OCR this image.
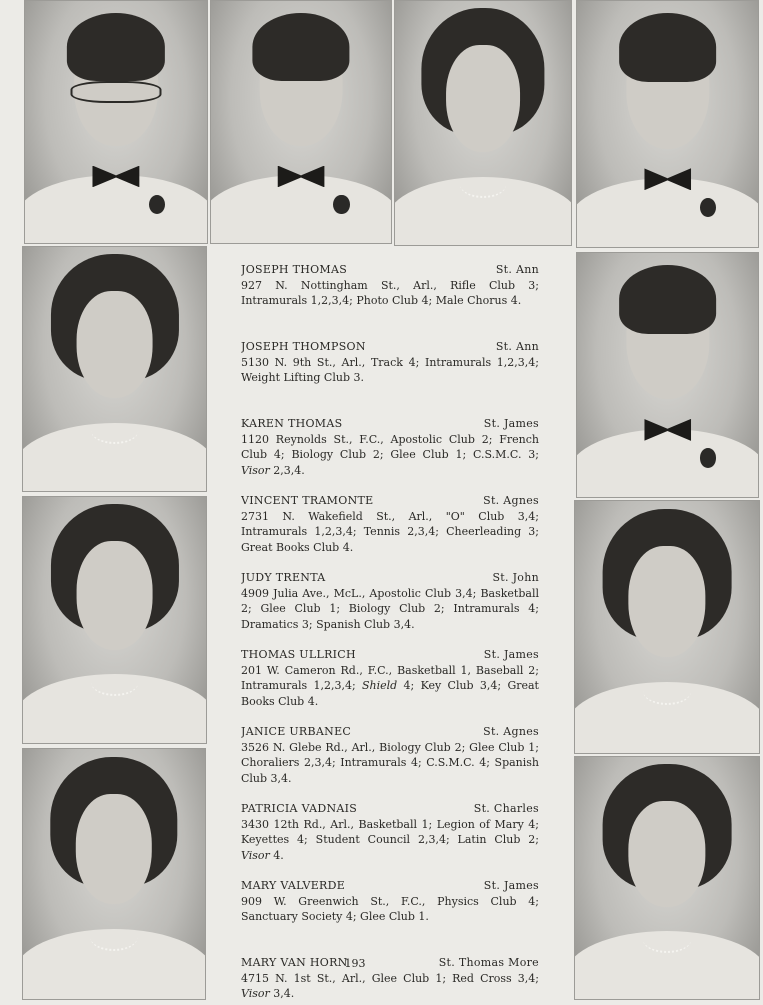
JOSEPH THOMAS	St. Ann
927 N. Nottingham St., Arl., Rifle Club 3; Intramurals 1,2,3,4; Photo Club 4; Male Chorus 4.
JOSEPH THOMPSON	St. Ann
5130 N. 9th St., Arl., Track 4; Intramurals 1,2,3,4; Weight Lifting Club 3.
KAREN THOMAS	St. James
1120 Reynolds St., F.C., Apostolic Club 2; French Club 4; Biology Club 2; Glee Club 1; C.S.M.C. 3; Visor 2,3,4.
VINCENT TRAMONTE	St. Agnes
2731 N. Wakefield St., Arl., "O" Club 3,4; Intramurals 1,2,3,4; Tennis 2,3,4; Cheerleading 3; Great Books Club 4.
JUDY TRENTA	St. John
4909 Julia Ave., McL., Apostolic Club 3,4; Basketball 2; Glee Club 1; Biology Club 2; Intramurals 4; Dramatics 3; Spanish Club 3,4.
THOMAS ULLRICH	St. James
201 W. Cameron Rd., F.C., Basketball 1, Baseball 2; Intramurals 1,2,3,4; Shield 4; Key Club 3,4; Great Books Club 4.
JANICE URBANEC	St. Agnes
3526 N. Glebe Rd., Arl., Biology Club 2; Glee Club 1; Choraliers 2,3,4; Intramurals 4; C.S.M.C. 4; Spanish Club 3,4.
PATRICIA VADNAIS	St. Charles
3430 12th Rd., Arl., Basketball 1; Legion of Mary 4; Keyettes 4; Student Council 2,3,4; Latin Club 2; Visor 4.
MARY VALVERDE	St. James
909 W. Greenwich St., F.C., Physics Club 4; Sanctuary Society 4; Glee Club 1.
MARY VAN HORN	St. Thomas More
4715 N. 1st St., Arl., Glee Club 1; Red Cross 3,4; Visor 3,4.
193
